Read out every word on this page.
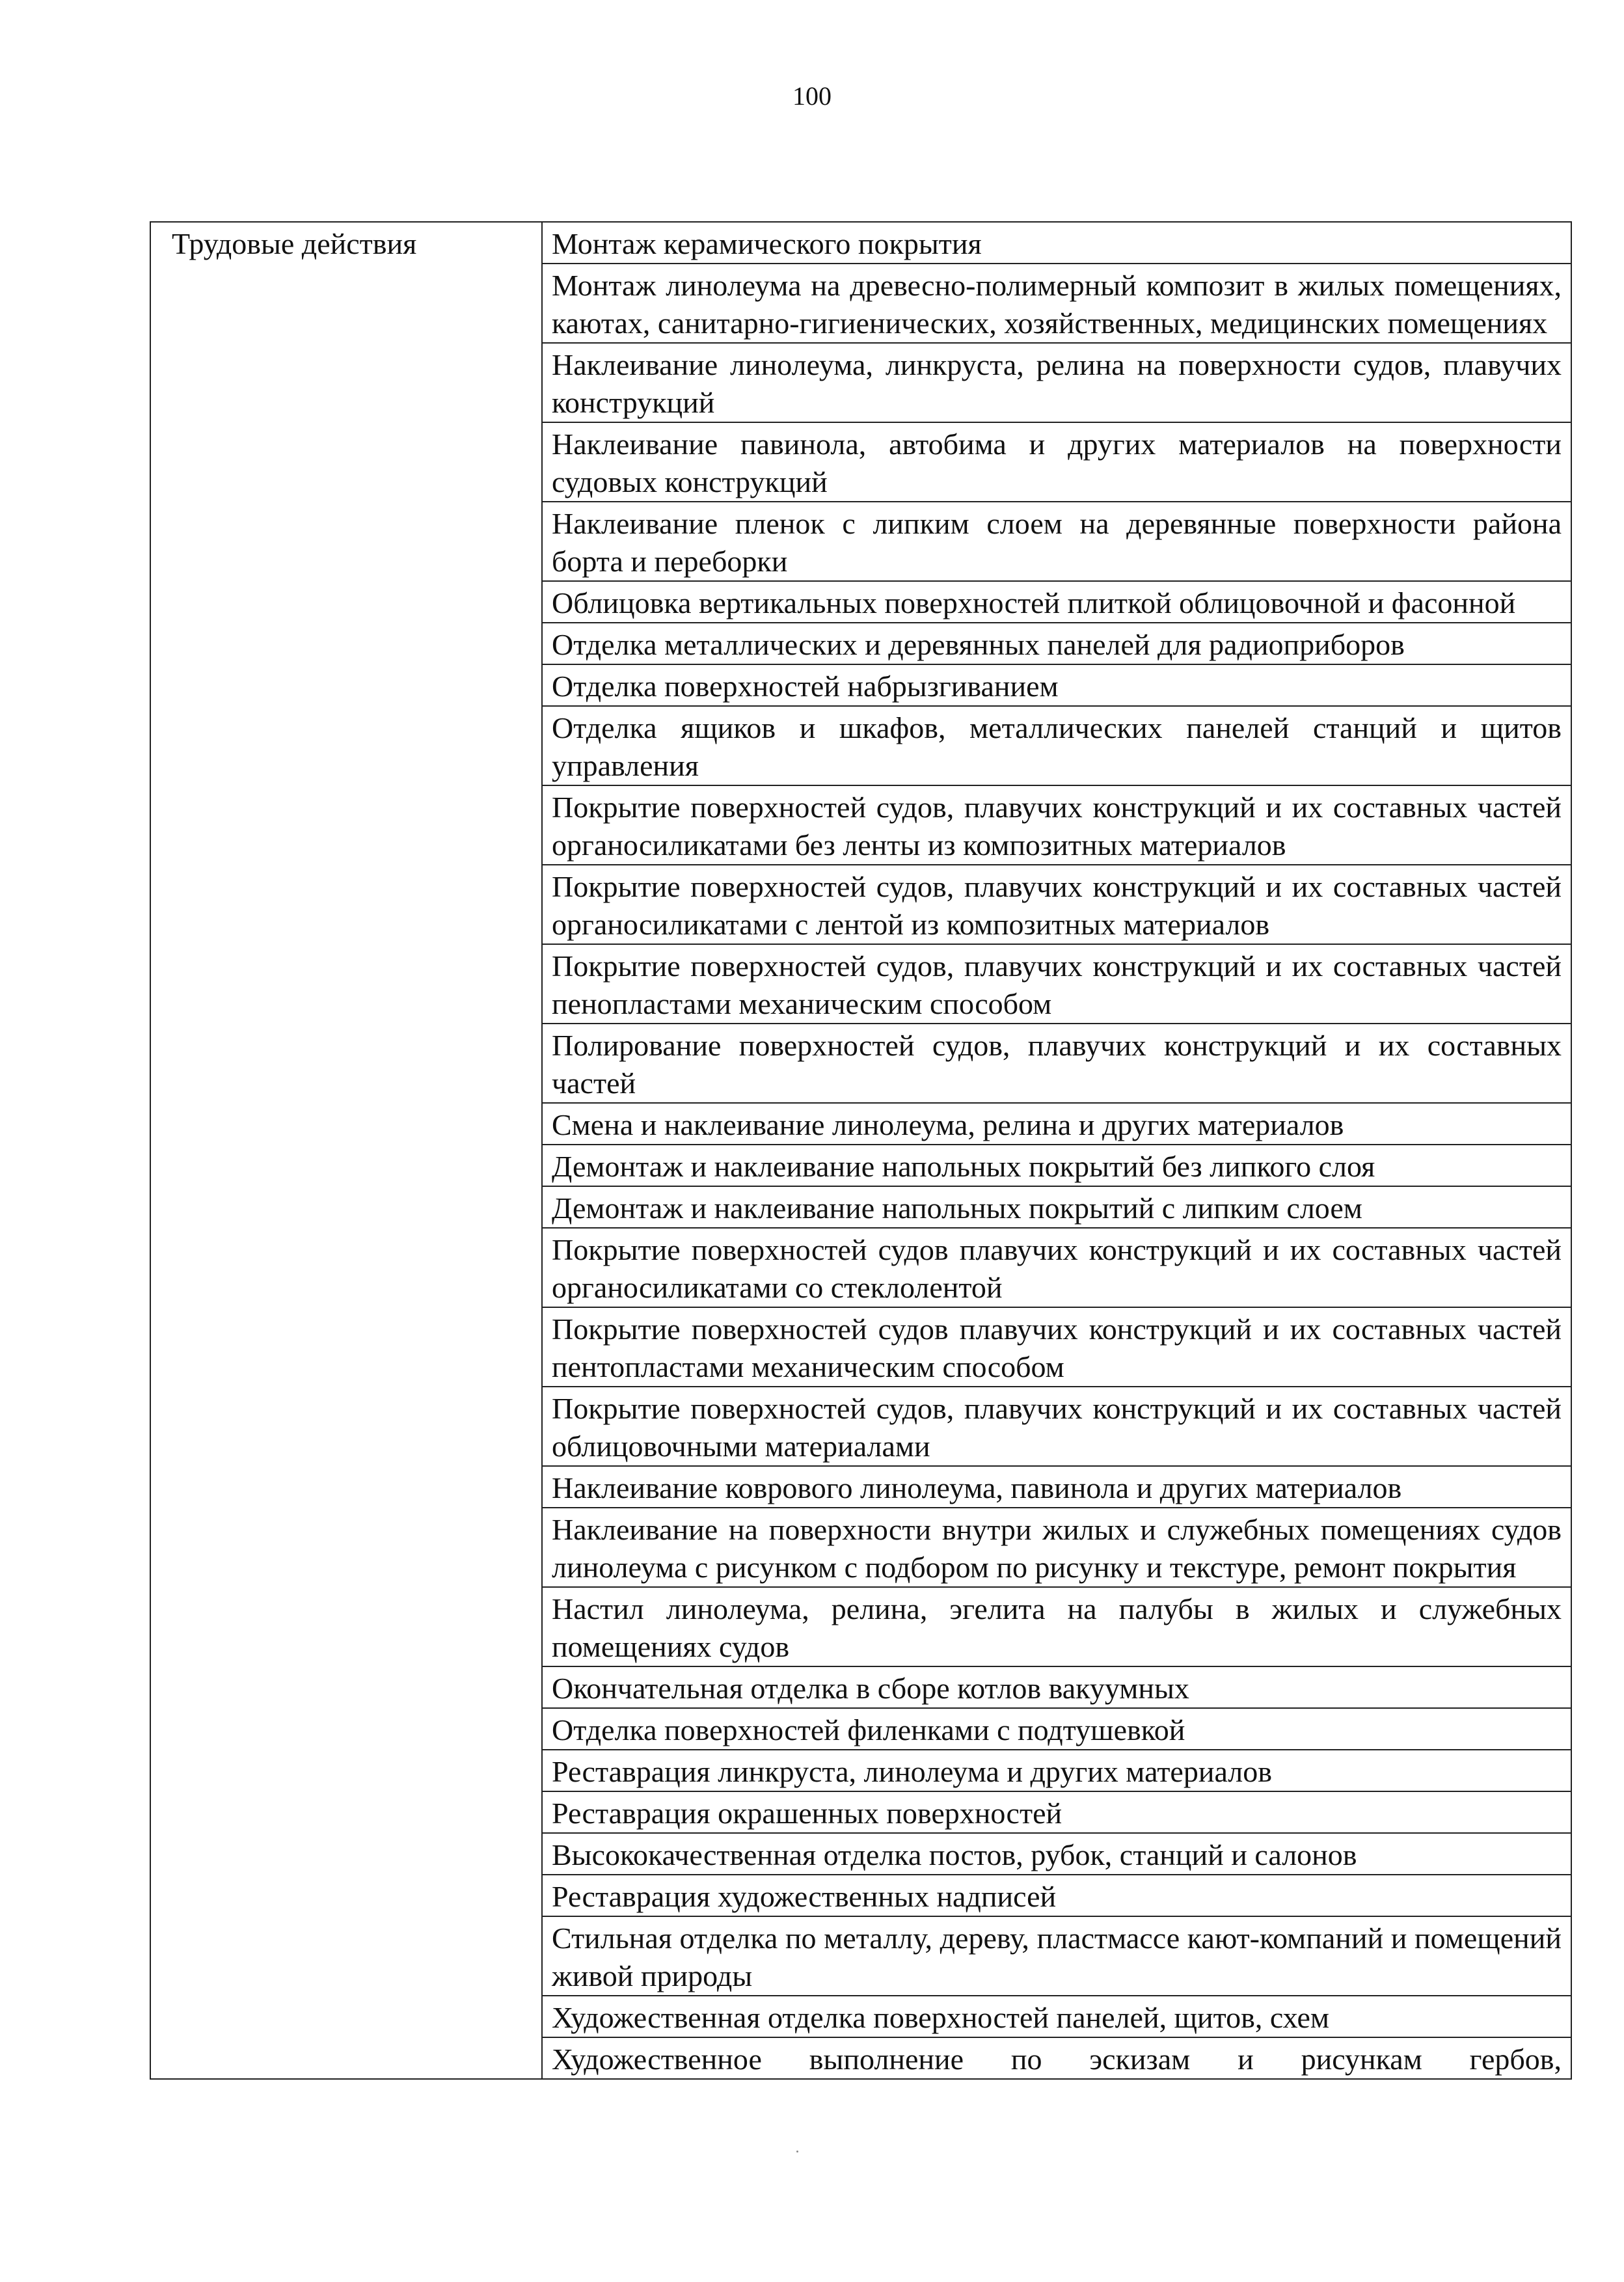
100
Трудовые действия	Монтаж керамического покрытия
Монтаж линолеума на древесно-полимерный композит в жилых помещениях, каютах, санитарно-гигиенических, хозяйственных, медицинских помещениях
Наклеивание линолеума, линкруста, релина на поверхности судов, плавучих конструкций
Наклеивание павинола, автобима и других материалов на поверхности судовых конструкций
Наклеивание пленок с липким слоем на деревянные поверхности района борта и переборки
Облицовка вертикальных поверхностей плиткой облицовочной и фасонной
Отделка металлических и деревянных панелей для радиоприборов
Отделка поверхностей набрызгиванием
Отделка ящиков и шкафов, металлических панелей станций и щитов управления
Покрытие поверхностей судов, плавучих конструкций и их составных частей органосиликатами без ленты из композитных материалов
Покрытие поверхностей судов, плавучих конструкций и их составных частей органосиликатами с лентой из композитных материалов
Покрытие поверхностей судов, плавучих конструкций и их составных частей пенопластами механическим способом
Полирование поверхностей судов, плавучих конструкций и их составных частей
Смена и наклеивание линолеума, релина и других материалов
Демонтаж и наклеивание напольных покрытий без липкого слоя
Демонтаж и наклеивание напольных покрытий с липким слоем
Покрытие поверхностей судов плавучих конструкций и их составных частей органосиликатами со стеклолентой
Покрытие поверхностей судов плавучих конструкций и их составных частей пентопластами механическим способом
Покрытие поверхностей судов, плавучих конструкций и их составных частей облицовочными материалами
Наклеивание коврового линолеума, павинола и других материалов
Наклеивание на поверхности внутри жилых и служебных помещениях судов линолеума с рисунком с подбором по рисунку и текстуре, ремонт покрытия
Настил линолеума, релина, эгелита на палубы в жилых и служебных помещениях судов
Окончательная отделка в сборе котлов вакуумных
Отделка поверхностей филенками с подтушевкой
Реставрация линкруста, линолеума и других материалов
Реставрация окрашенных поверхностей
Высококачественная отделка постов, рубок, станций и салонов
Реставрация художественных надписей
Стильная отделка по металлу, дереву, пластмассе кают-компаний и помещений живой природы
Художественная отделка поверхностей панелей, щитов, схем
Художественное выполнение по эскизам и рисункам гербов,
